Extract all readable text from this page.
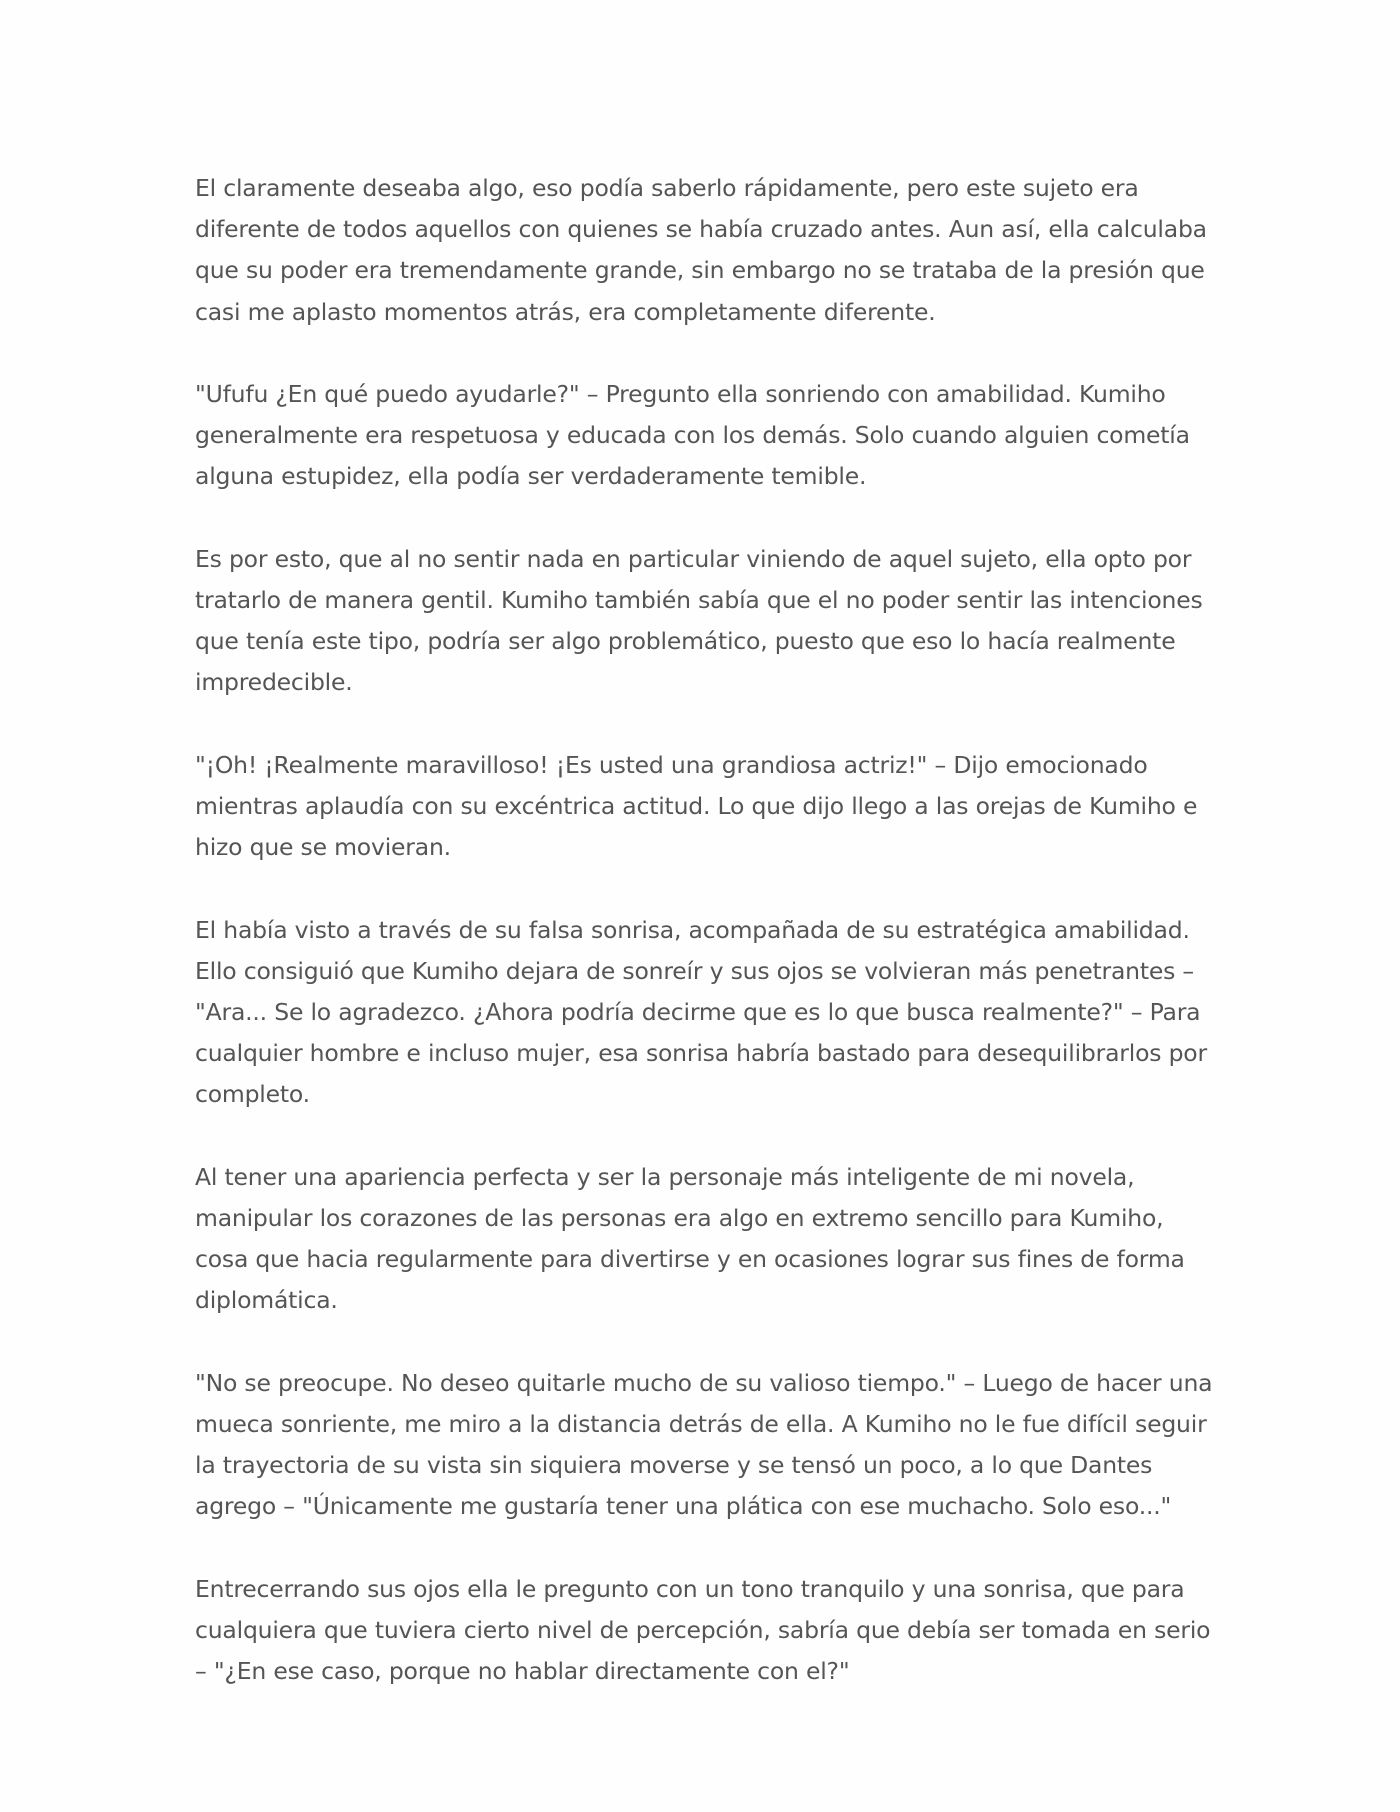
El claramente deseaba algo, eso podía saberlo rápidamente, pero este sujeto era diferente de todos aquellos con quienes se había cruzado antes. Aun así, ella calculaba que su poder era tremendamente grande, sin embargo no se trataba de la presión que casi me aplasto momentos atrás, era completamente diferente.

"Ufufu ¿En qué puedo ayudarle?" – Pregunto ella sonriendo con amabilidad. Kumiho generalmente era respetuosa y educada con los demás. Solo cuando alguien cometía alguna estupidez, ella podía ser verdaderamente temible.

Es por esto, que al no sentir nada en particular viniendo de aquel sujeto, ella opto por tratarlo de manera gentil. Kumiho también sabía que el no poder sentir las intenciones que tenía este tipo, podría ser algo problemático, puesto que eso lo hacía realmente impredecible.

"¡Oh! ¡Realmente maravilloso! ¡Es usted una grandiosa actriz!" – Dijo emocionado mientras aplaudía con su excéntrica actitud. Lo que dijo llego a las orejas de Kumiho e hizo que se movieran.

El había visto a través de su falsa sonrisa, acompañada de su estratégica amabilidad. Ello consiguió que Kumiho dejara de sonreír y sus ojos se volvieran más penetrantes – "Ara... Se lo agradezco. ¿Ahora podría decirme que es lo que busca realmente?" – Para cualquier hombre e incluso mujer, esa sonrisa habría bastado para desequilibrarlos por completo.

Al tener una apariencia perfecta y ser la personaje más inteligente de mi novela, manipular los corazones de las personas era algo en extremo sencillo para Kumiho, cosa que hacia regularmente para divertirse y en ocasiones lograr sus fines de forma diplomática.

"No se preocupe. No deseo quitarle mucho de su valioso tiempo." – Luego de hacer una mueca sonriente, me miro a la distancia detrás de ella. A Kumiho no le fue difícil seguir la trayectoria de su vista sin siquiera moverse y se tensó un poco, a lo que Dantes agrego – "Únicamente me gustaría tener una plática con ese muchacho. Solo eso..."

Entrecerrando sus ojos ella le pregunto con un tono tranquilo y una sonrisa, que para cualquiera que tuviera cierto nivel de percepción, sabría que debía ser tomada en serio – "¿En ese caso, porque no hablar directamente con el?"
